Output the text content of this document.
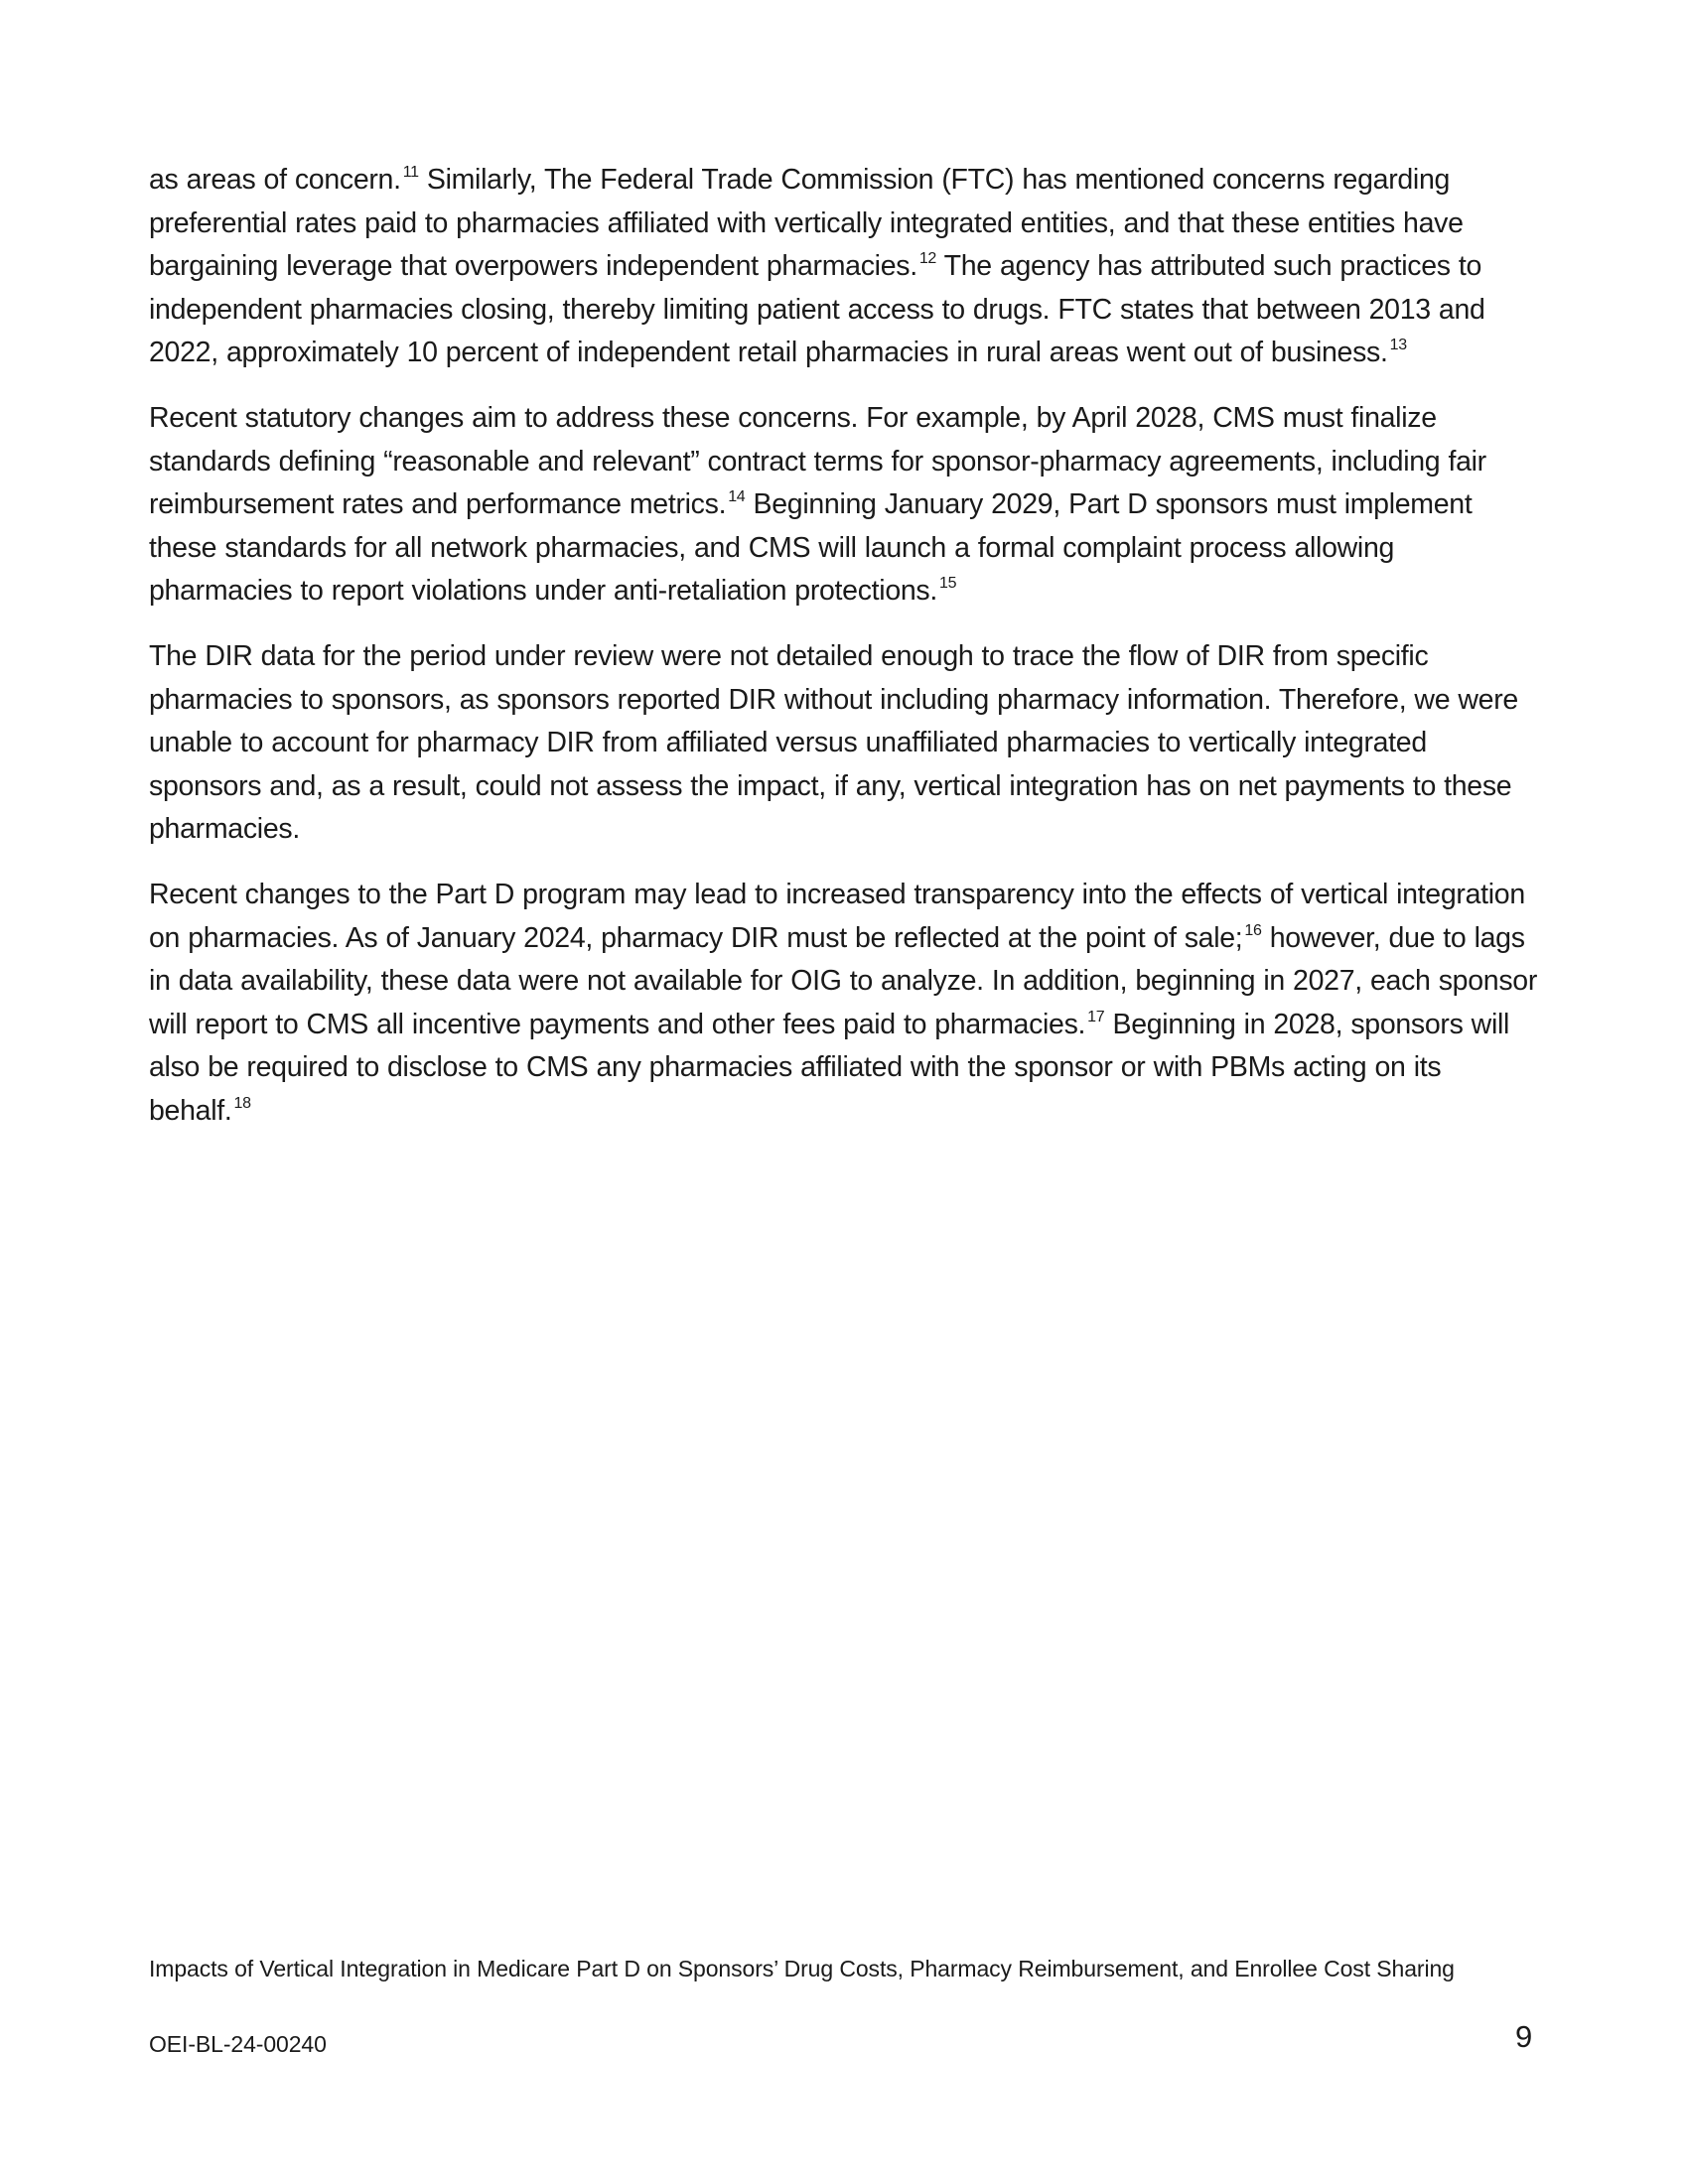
as areas of concern. $^{11}$ Similarly, The Federal Trade Commission (FTC) has mentioned concerns regarding preferential rates paid to pharmacies affiliated with vertically integrated entities, and that these entities have bargaining leverage that overpowers independent pharmacies. $^{12}$ The agency has attributed such practices to independent pharmacies closing, thereby limiting patient access to drugs. FTC states that between 2013 and 2022, approximately 10 percent of independent retail pharmacies in rural areas went out of business. $^{13}$

Recent statutory changes aim to address these concerns. For example, by April 2028, CMS must finalize standards defining “reasonable and relevant” contract terms for sponsor-pharmacy agreements, including fair reimbursement rates and performance metrics. $^{14}$ Beginning January 2029, Part D sponsors must implement these standards for all network pharmacies, and CMS will launch a formal complaint process allowing pharmacies to report violations under anti-retaliation protections. $^{15}$

The DIR data for the period under review were not detailed enough to trace the flow of DIR from specific pharmacies to sponsors, as sponsors reported DIR without including pharmacy information. Therefore, we were unable to account for pharmacy DIR from affiliated versus unaffiliated pharmacies to vertically integrated sponsors and, as a result, could not assess the impact, if any, vertical integration has on net payments to these pharmacies.

Recent changes to the Part D program may lead to increased transparency into the effects of vertical integration on pharmacies. As of January 2024, pharmacy DIR must be reflected at the point of sale; $^{16}$ however, due to lags in data availability, these data were not available for OIG to analyze. In addition, beginning in 2027, each sponsor will report to CMS all incentive payments and other fees paid to pharmacies. $^{17}$ Beginning in 2028, sponsors will also be required to disclose to CMS any pharmacies affiliated with the sponsor or with PBMs acting on its behalf. $^{18}$

Impacts of Vertical Integration in Medicare Part D on Sponsors’ Drug Costs, Pharmacy Reimbursement, and Enrollee Cost Sharing
OEI-BL-24-00240	9
